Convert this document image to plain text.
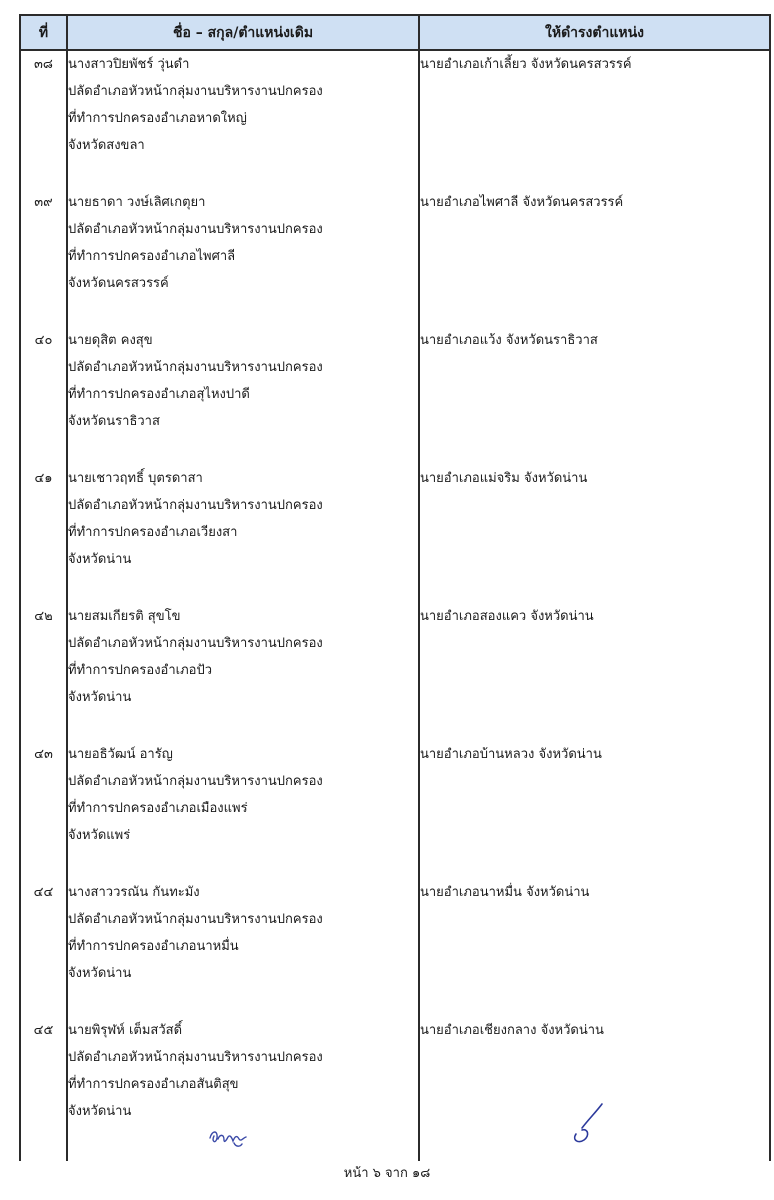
ที่	ชื่อ – สกุล/ตำแหน่งเดิม	ให้ดำรงตำแหน่ง
๓๘	นางสาวปิยพัชร์ วุ่นดำ
ปลัดอำเภอหัวหน้ากลุ่มงานบริหารงานปกครอง
ที่ทำการปกครองอำเภอหาดใหญ่
จังหวัดสงขลา	นายอำเภอเก้าเลี้ยว จังหวัดนครสวรรค์

๓๙	นายธาดา วงษ์เลิศเกตุยา
ปลัดอำเภอหัวหน้ากลุ่มงานบริหารงานปกครอง
ที่ทำการปกครองอำเภอไพศาลี
จังหวัดนครสวรรค์	นายอำเภอไพศาลี จังหวัดนครสวรรค์

๔๐	นายดุสิต คงสุข
ปลัดอำเภอหัวหน้ากลุ่มงานบริหารงานปกครอง
ที่ทำการปกครองอำเภอสุไหงปาดี
จังหวัดนราธิวาส	นายอำเภอแว้ง จังหวัดนราธิวาส

๔๑	นายเชาวฤทธิ์ บุตรดาสา
ปลัดอำเภอหัวหน้ากลุ่มงานบริหารงานปกครอง
ที่ทำการปกครองอำเภอเวียงสา
จังหวัดน่าน	นายอำเภอแม่จริม จังหวัดน่าน

๔๒	นายสมเกียรติ สุขโข
ปลัดอำเภอหัวหน้ากลุ่มงานบริหารงานปกครอง
ที่ทำการปกครองอำเภอปัว
จังหวัดน่าน	นายอำเภอสองแคว จังหวัดน่าน

๔๓	นายอธิวัฒน์ อารัญ
ปลัดอำเภอหัวหน้ากลุ่มงานบริหารงานปกครอง
ที่ทำการปกครองอำเภอเมืองแพร่
จังหวัดแพร่	นายอำเภอบ้านหลวง จังหวัดน่าน

๔๔	นางสาววรณัน กันทะมัง
ปลัดอำเภอหัวหน้ากลุ่มงานบริหารงานปกครอง
ที่ทำการปกครองอำเภอนาหมื่น
จังหวัดน่าน	นายอำเภอนาหมื่น จังหวัดน่าน

๔๕	นายพิรุฬห์ เต็มสวัสดิ์
ปลัดอำเภอหัวหน้ากลุ่มงานบริหารงานปกครอง
ที่ทำการปกครองอำเภอสันติสุข
จังหวัดน่าน	นายอำเภอเชียงกลาง จังหวัดน่าน
หน้า ๖ จาก ๑๘
